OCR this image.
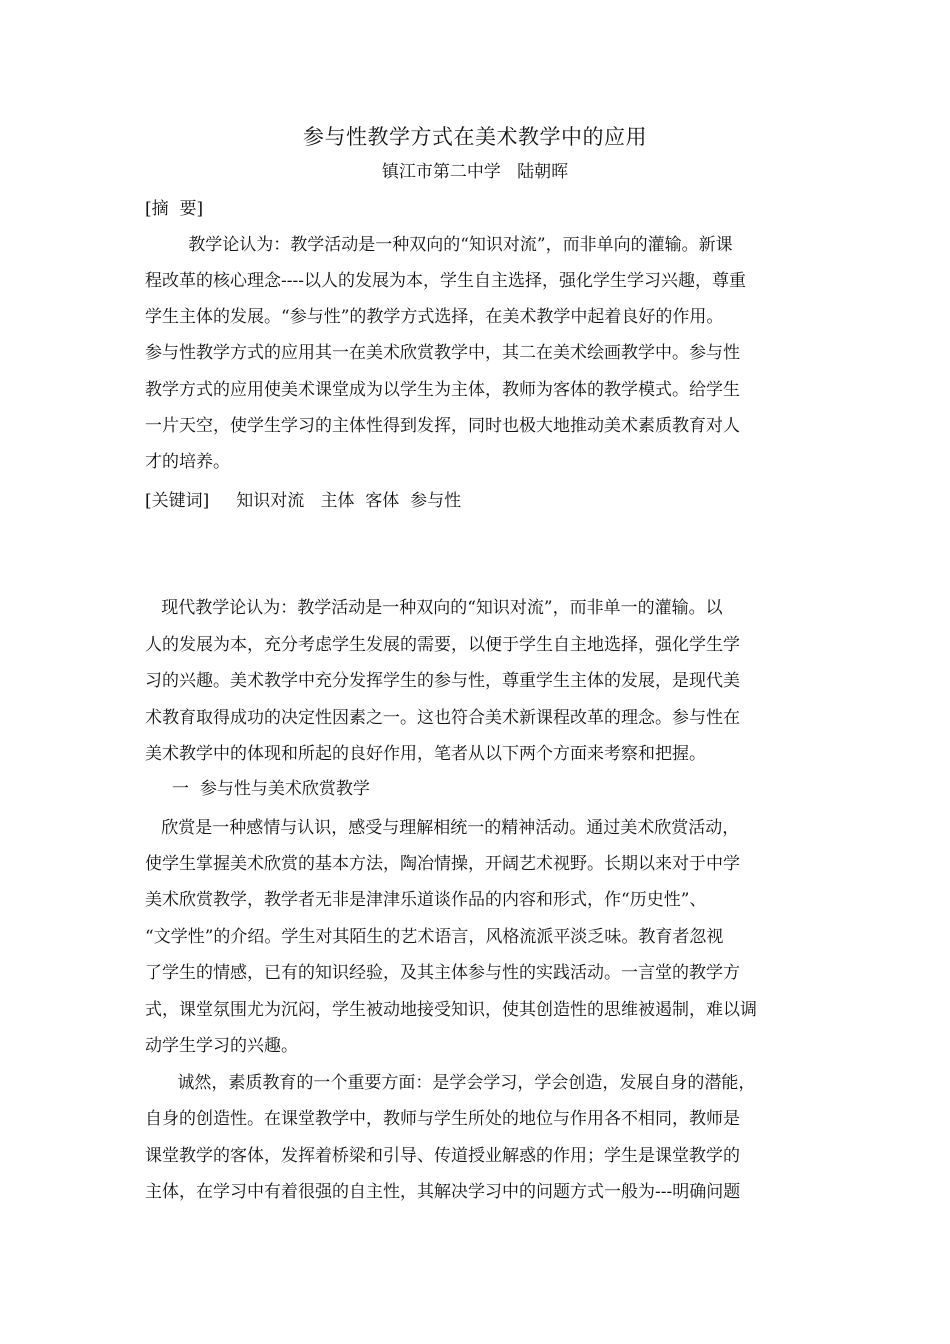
参与性教学方式在美术教学中的应用
镇江市第二中学   陆朝晖
[摘  要]
教学论认为：教学活动是一种双向的“知识对流”，而非单向的灌输。新课
程改革的核心理念----以人的发展为本，学生自主选择，强化学生学习兴趣，尊重
学生主体的发展。“参与性”的教学方式选择，在美术教学中起着良好的作用。
参与性教学方式的应用其一在美术欣赏教学中，其二在美术绘画教学中。参与性
教学方式的应用使美术课堂成为以学生为主体，教师为客体的教学模式。给学生
一片天空，使学生学习的主体性得到发挥，同时也极大地推动美术素质教育对人
才的培养。
[关键词]     知识对流   主体  客体  参与性
现代教学论认为：教学活动是一种双向的“知识对流”，而非单一的灌输。以
人的发展为本，充分考虑学生发展的需要，以便于学生自主地选择，强化学生学
习的兴趣。美术教学中充分发挥学生的参与性，尊重学生主体的发展，是现代美
术教育取得成功的决定性因素之一。这也符合美术新课程改革的理念。参与性在
美术教学中的体现和所起的良好作用，笔者从以下两个方面来考察和把握。
一  参与性与美术欣赏教学
欣赏是一种感情与认识，感受与理解相统一的精神活动。通过美术欣赏活动，
使学生掌握美术欣赏的基本方法，陶冶情操，开阔艺术视野。长期以来对于中学
美术欣赏教学，教学者无非是津津乐道谈作品的内容和形式，作“历史性”、
“文学性”的介绍。学生对其陌生的艺术语言，风格流派平淡乏味。教育者忽视
了学生的情感，已有的知识经验，及其主体参与性的实践活动。一言堂的教学方
式，课堂氛围尤为沉闷，学生被动地接受知识，使其创造性的思维被遏制，难以调
动学生学习的兴趣。
诚然，素质教育的一个重要方面：是学会学习，学会创造，发展自身的潜能，
自身的创造性。在课堂教学中，教师与学生所处的地位与作用各不相同，教师是
课堂教学的客体，发挥着桥梁和引导、传道授业解惑的作用；学生是课堂教学的
主体，在学习中有着很强的自主性，其解决学习中的问题方式一般为---明确问题
